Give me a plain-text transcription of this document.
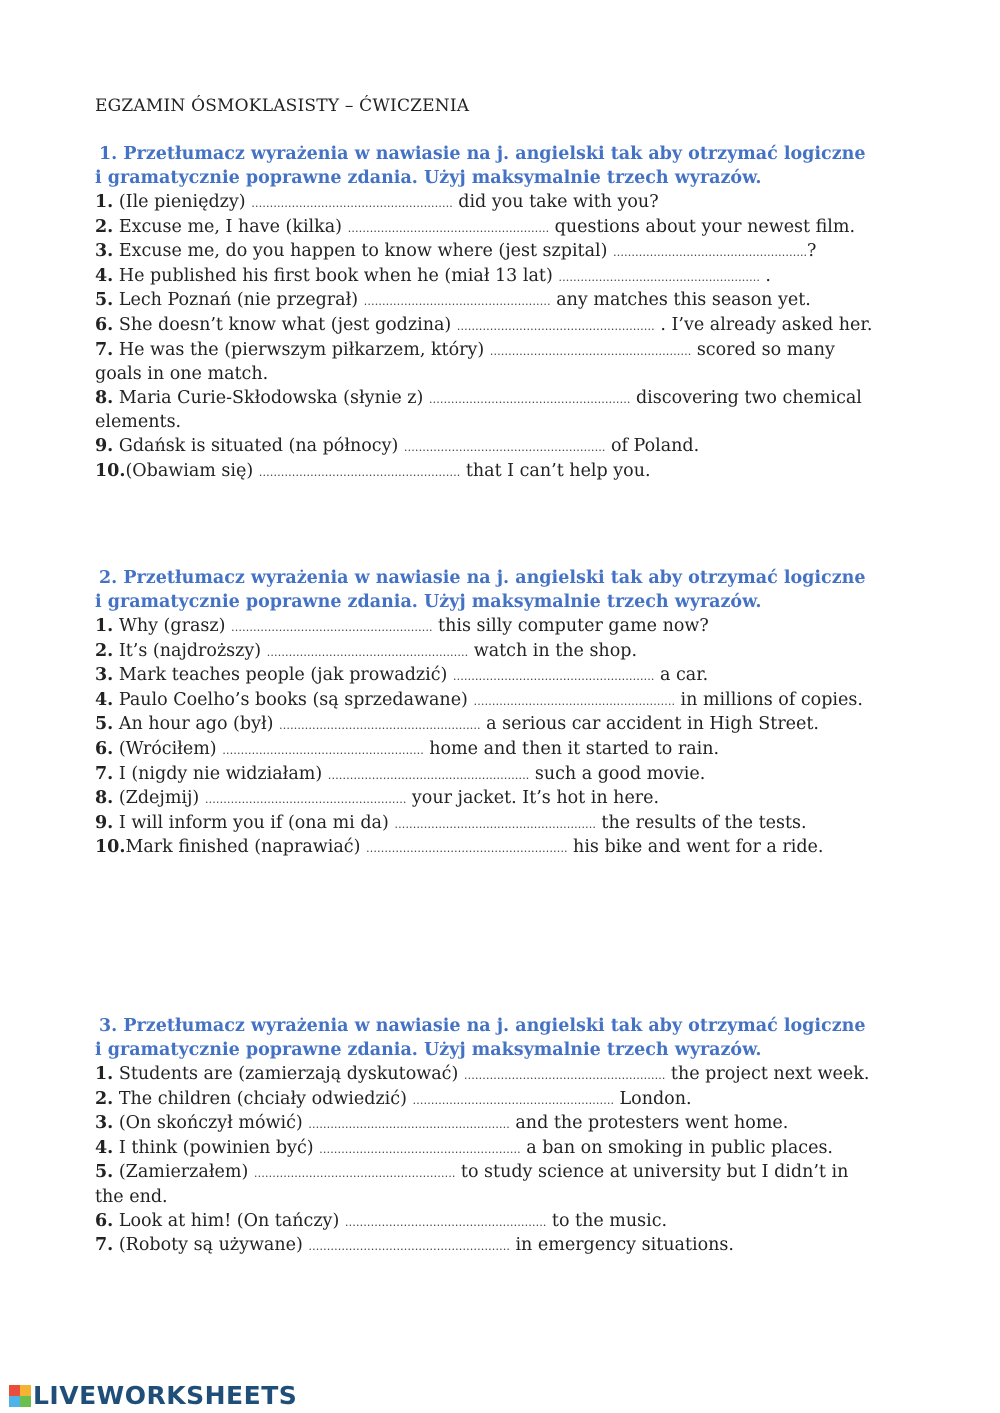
EGZAMIN ÓSMOKLASISTY – ĆWICZENIA
1. Przetłumacz wyrażenia w nawiasie na j. angielski tak aby otrzymać logiczne i gramatycznie poprawne zdania. Użyj maksymalnie trzech wyrazów.
1. (Ile pieniędzy) ………………………………………………. did you take with you?
2. Excuse me, I have (kilka) ………………………………………………. questions about your newest film.
3. Excuse me, do you happen to know where (jest szpital) ……………………………………………..?
4. He published his first book when he (miał 13 lat) ………………………………………………. .
5. Lech Poznań (nie przegrał) …………………………………………… any matches this season yet.
6. She doesn’t know what (jest godzina) ……………………………………………… . I’ve already asked her.
7. He was the (pierwszym piłkarzem, który) ………………………………………………. scored so many goals in one match.
8. Maria Curie-Skłodowska (słynie z) ………………………………………………. discovering two chemical elements.
9. Gdańsk is situated (na północy) ………………………………………………. of Poland.
10.(Obawiam się) ………………………………………………. that I can’t help you.
2. Przetłumacz wyrażenia w nawiasie na j. angielski tak aby otrzymać logiczne i gramatycznie poprawne zdania. Użyj maksymalnie trzech wyrazów.
1. Why (grasz) ………………………………………………. this silly computer game now?
2. It’s (najdroższy) ………………………………………………. watch in the shop.
3. Mark teaches people (jak prowadzić) ………………………………………………. a car.
4. Paulo Coelho’s books (są sprzedawane) ………………………………………………. in millions of copies.
5. An hour ago (był) ………………………………………………. a serious car accident in High Street.
6. (Wróciłem) ………………………………………………. home and then it started to rain.
7. I (nigdy nie widziałam) ………………………………………………. such a good movie.
8. (Zdejmij) ………………………………………………. your jacket. It’s hot in here.
9. I will inform you if (ona mi da) ………………………………………………. the results of the tests.
10.Mark finished (naprawiać) ………………………………………………. his bike and went for a ride.
3. Przetłumacz wyrażenia w nawiasie na j. angielski tak aby otrzymać logiczne i gramatycznie poprawne zdania. Użyj maksymalnie trzech wyrazów.
1. Students are (zamierzają dyskutować) ………………………………………………. the project next week.
2. The children (chciały odwiedzić) ………………………………………………. London.
3. (On skończył mówić) ………………………………………………. and the protesters went home.
4. I think (powinien być) ………………………………………………. a ban on smoking in public places.
5. (Zamierzałem) ………………………………………………. to study science at university but I didn’t in the end.
6. Look at him! (On tańczy) ………………………………………………. to the music.
7. (Roboty są używane) ………………………………………………. in emergency situations.
LIVEWORKSHEETS
